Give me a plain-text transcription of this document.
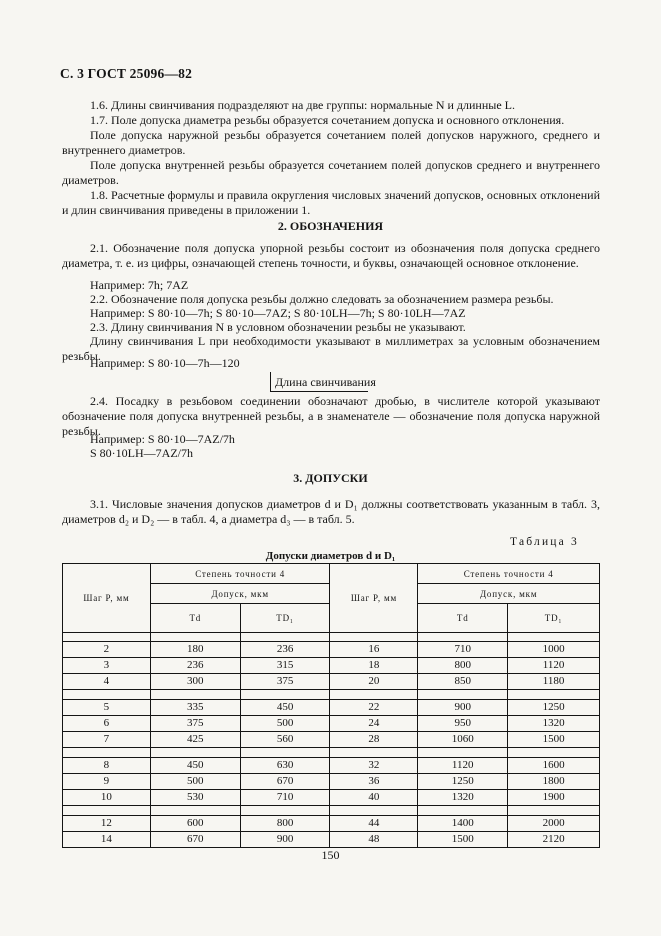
С. 3 ГОСТ 25096—82
1.6. Длины свинчивания подразделяют на две группы: нормальные N и длинные L.
1.7. Поле допуска диаметра резьбы образуется сочетанием допуска и основного отклонения.
Поле допуска наружной резьбы образуется сочетанием полей допусков наружного, среднего и внутреннего диаметров.
Поле допуска внутренней резьбы образуется сочетанием полей допусков среднего и внутреннего диаметров.
1.8. Расчетные формулы и правила округления числовых значений допусков, основных отклонений и длин свинчивания приведены в приложении 1.
2. ОБОЗНАЧЕНИЯ
2.1. Обозначение поля допуска упорной резьбы состоит из обозначения поля допуска среднего диаметра, т. е. из цифры, означающей степень точности, и буквы, означающей основное отклонение.
Например: 7h; 7AZ
2.2. Обозначение поля допуска резьбы должно следовать за обозначением размера резьбы.
Например: S 80·10—7h; S 80·10—7AZ; S 80·10LH—7h; S 80·10LH—7AZ
2.3. Длину свинчивания N в условном обозначении резьбы не указывают.
Длину свинчивания L при необходимости указывают в миллиметрах за условным обозначением резьбы.
Например: S 80·10—7h—120
Длина свинчивания
2.4. Посадку в резьбовом соединении обозначают дробью, в числителе которой указывают обозначение поля допуска внутренней резьбы, а в знаменателе — обозначение поля допуска наружной резьбы.
Например: S 80·10—7AZ/7h
S 80·10LH—7AZ/7h
3. ДОПУСКИ
3.1. Числовые значения допусков диаметров d и D₁ должны соответствовать указанным в табл. 3, диаметров d₂ и D₂ — в табл. 4, а диаметра d₃ — в табл. 5.
Таблица 3
Допуски диаметров d и D₁
Шаг P, мм	Степень точности 4		Шаг P, мм	Степень точности 4	
	Допуск, мкм			Допуск, мкм	
	Td	TD₁		Td	TD₁

2	180	236	16	710	1000
3	236	315	18	800	1120
4	300	375	20	850	1180

5	335	450	22	900	1250
6	375	500	24	950	1320
7	425	560	28	1060	1500

8	450	630	32	1120	1600
9	500	670	36	1250	1800
10	530	710	40	1320	1900

12	600	800	44	1400	2000
14	670	900	48	1500	2120
150
